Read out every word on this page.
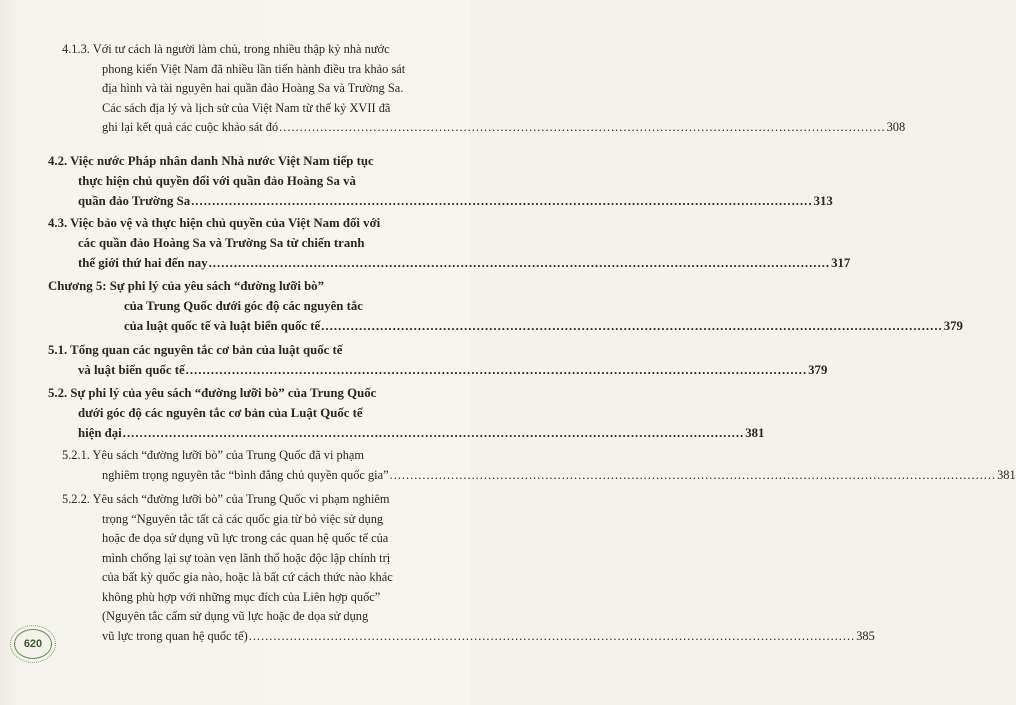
4.1.3. Với tư cách là người làm chủ, trong nhiều thập kỷ nhà nước
phong kiến Việt Nam đã nhiều lần tiến hành điều tra khảo sát
địa hình và tài nguyên hai quần đảo Hoàng Sa và Trường Sa.
Các sách địa lý và lịch sử của Việt Nam từ thế kỷ XVII đã
ghi lại kết quả các cuộc khảo sát đó .....	308
4.2. Việc nước Pháp nhân danh Nhà nước Việt Nam tiếp tục
thực hiện chủ quyền đối với quần đảo Hoàng Sa và
quần đảo Trường Sa .....	313
4.3. Việc bảo vệ và thực hiện chủ quyền của Việt Nam đối với
các quần đảo Hoàng Sa và Trường Sa từ chiến tranh
thế giới thứ hai đến nay .....	317
Chương 5: Sự phi lý của yêu sách “đường lưỡi bò”
của Trung Quốc dưới góc độ các nguyên tắc
của luật quốc tế và luật biển quốc tế .....	379
5.1. Tổng quan các nguyên tắc cơ bản của luật quốc tế
và luật biển quốc tế .....	379
5.2. Sự phi lý của yêu sách “đường lưỡi bò” của Trung Quốc
dưới góc độ các nguyên tắc cơ bản của Luật Quốc tế
hiện đại .....	381
5.2.1. Yêu sách “đường lưỡi bò” của Trung Quốc đã vi phạm
nghiêm trọng nguyên tắc “bình đẳng chủ quyền quốc gia” .....	381
5.2.2. Yêu sách “đường lưỡi bò” của Trung Quốc vi phạm nghiêm
trọng “Nguyên tắc tất cả các quốc gia từ bỏ việc sử dụng
hoặc đe dọa sử dụng vũ lực trong các quan hệ quốc tế của
mình chống lại sự toàn vẹn lãnh thổ hoặc độc lập chính trị
của bất kỳ quốc gia nào, hoặc là bất cứ cách thức nào khác
không phù hợp với những mục đích của Liên hợp quốc”
(Nguyên tắc cấm sử dụng vũ lực hoặc đe dọa sử dụng
vũ lực trong quan hệ quốc tế) .....	385
620
